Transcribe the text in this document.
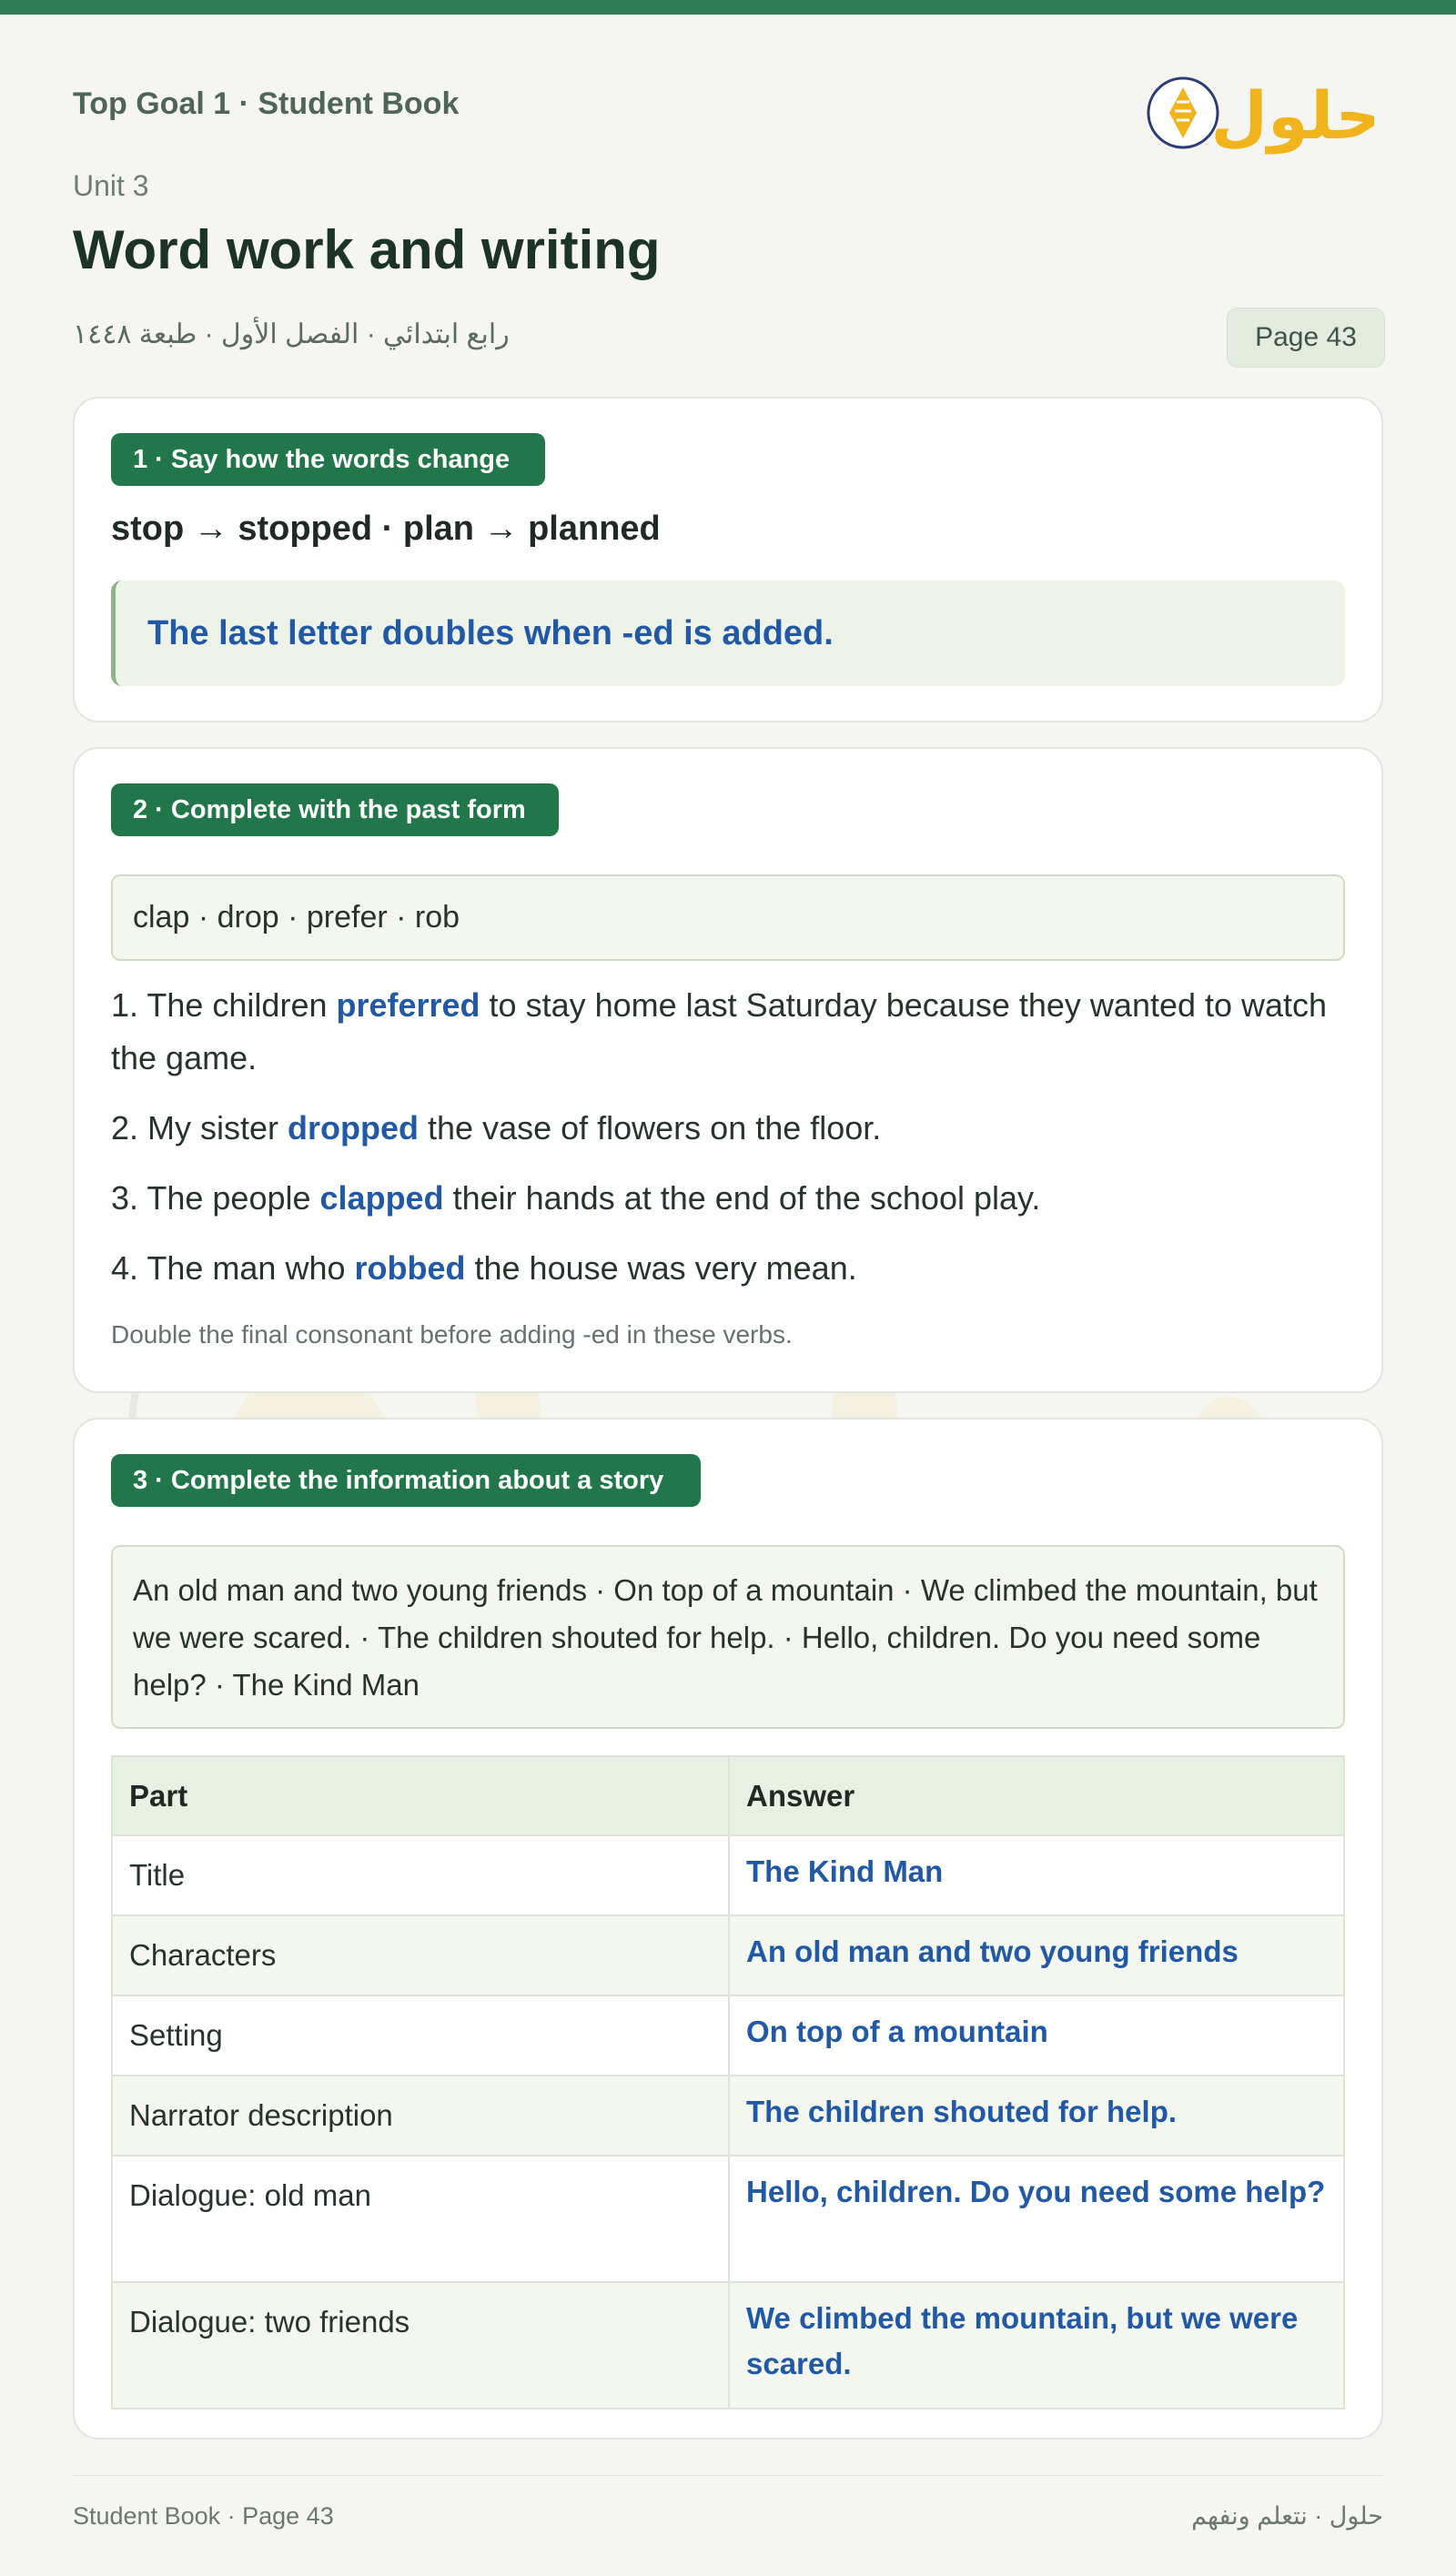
Top Goal 1 · Student Book	حلول
Unit 3
Word work and writing
رابع ابتدائي · الفصل الأول · طبعة ١٤٤٨	Page 43
1 · Say how the words change
stop → stopped · plan → planned
The last letter doubles when -ed is added.
2 · Complete with the past form
clap · drop · prefer · rob

1. The children preferred to stay home last Saturday because they wanted to watch the game.

2. My sister dropped the vase of flowers on the floor.

3. The people clapped their hands at the end of the school play.

4. The man who robbed the house was very mean.

Double the final consonant before adding -ed in these verbs.
3 · Complete the information about a story
An old man and two young friends · On top of a mountain · We climbed the mountain, but we were scared. · The children shouted for help. · Hello, children. Do you need some help? · The Kind Man
Part	Answer
Title	The Kind Man
Characters	An old man and two young friends
Setting	On top of a mountain
Narrator description	The children shouted for help.
Dialogue: old man	Hello, children. Do you need some help?
Dialogue: two friends	We climbed the mountain, but we were scared.
Student Book · Page 43	حلول · نتعلم ونفهم
